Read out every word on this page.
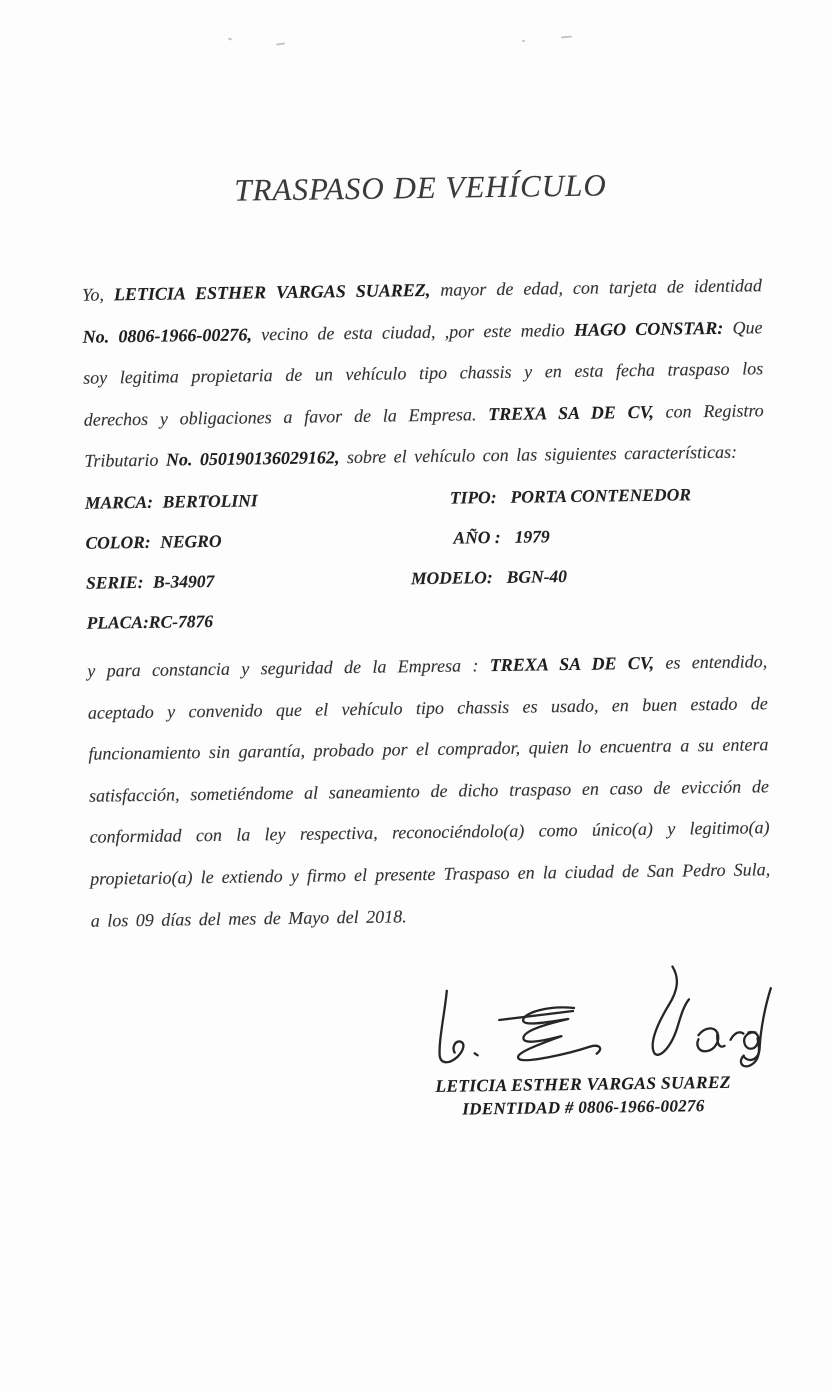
TRASPASO DE VEHÍCULO

Yo, LETICIA ESTHER VARGAS SUAREZ, mayor de edad, con tarjeta de identidad No. 0806-1966-00276, vecino de esta ciudad, ,por este medio HAGO CONSTAR: Que soy legitima propietaria de un vehículo tipo chassis y en esta fecha traspaso los derechos y obligaciones a favor de la Empresa. TREXA SA DE CV, con Registro Tributario No. 050190136029162, sobre el vehículo con las siguientes características:

MARCA: BERTOLINI	TIPO: PORTA CONTENEDOR
COLOR: NEGRO	AÑO : 1979
SERIE: B-34907	MODELO: BGN-40
PLACA:RC-7876

y para constancia y seguridad de la Empresa : TREXA SA DE CV, es entendido, aceptado y convenido que el vehículo tipo chassis es usado, en buen estado de funcionamiento sin garantía, probado por el comprador, quien lo encuentra a su entera satisfacción, sometiéndome al saneamiento de dicho traspaso en caso de evicción de conformidad con la ley respectiva, reconociéndolo(a) como único(a) y legitimo(a) propietario(a) le extiendo y firmo el presente Traspaso en la ciudad de San Pedro Sula, a los 09 días del mes de Mayo del 2018.

LETICIA ESTHER VARGAS SUAREZ
IDENTIDAD # 0806-1966-00276
